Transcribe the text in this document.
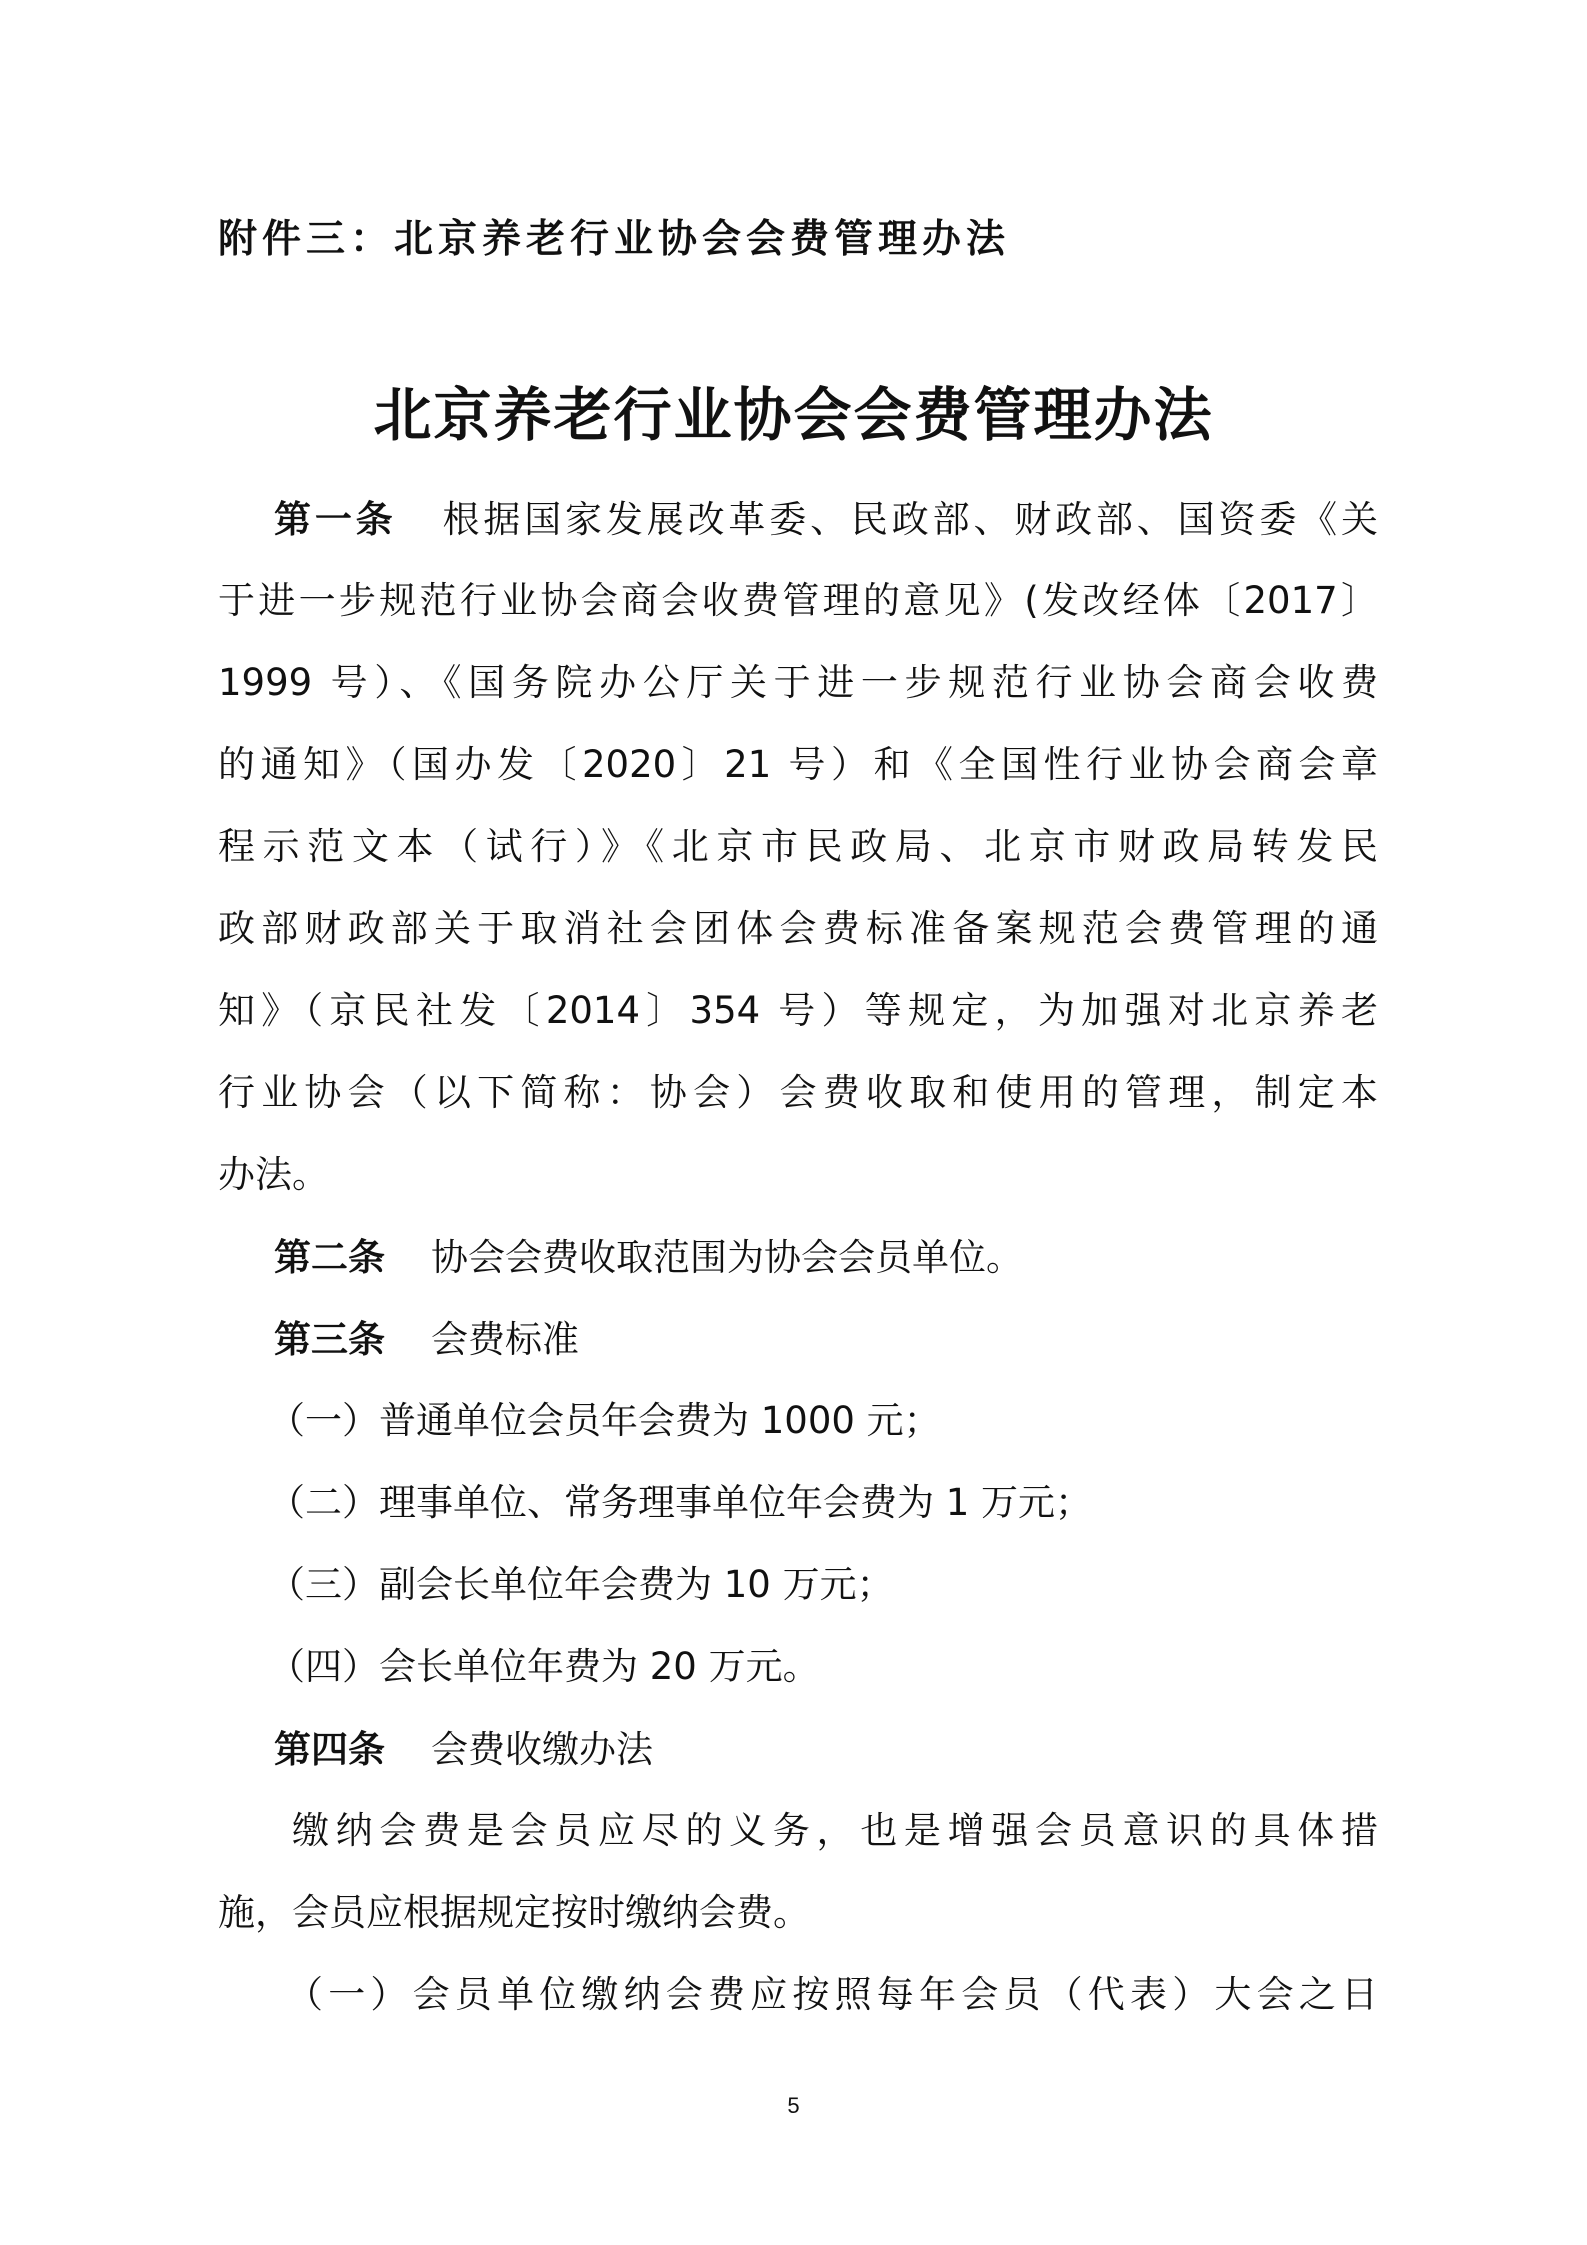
附件三：北京养老行业协会会费管理办法
北京养老行业协会会费管理办法
第一条 根据国家发展改革委、民政部、财政部、国资委《关
于进一步规范行业协会商会收费管理的意见》(发改经体〔2017〕
1999 号）、《国务院办公厅关于进一步规范行业协会商会收费
的通知》（国办发〔2020〕21 号）和《全国性行业协会商会章
程示范文本（试行）》《北京市民政局、北京市财政局转发民
政部财政部关于取消社会团体会费标准备案规范会费管理的通
知》（京民社发〔2014〕354 号）等规定，为加强对北京养老
行业协会（以下简称：协会）会费收取和使用的管理，制定本
办法。
第二条 协会会费收取范围为协会会员单位。
第三条 会费标准
（一）普通单位会员年会费为 1000 元；
（二）理事单位、常务理事单位年会费为 1 万元；
（三）副会长单位年会费为 10 万元；
（四）会长单位年费为 20 万元。
第四条 会费收缴办法
缴纳会费是会员应尽的义务，也是增强会员意识的具体措
施，会员应根据规定按时缴纳会费。
（一）会员单位缴纳会费应按照每年会员（代表）大会之日
5
